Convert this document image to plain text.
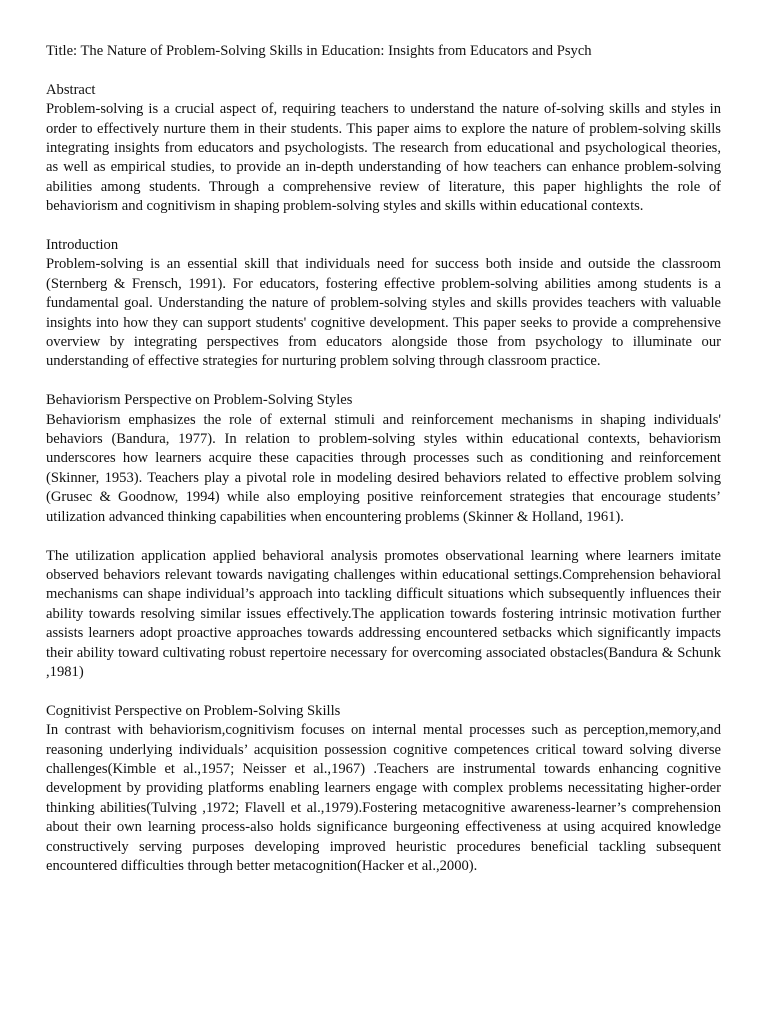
Title: The Nature of Problem-Solving Skills in Education: Insights from Educators and Psych
Abstract

Problem-solving is a crucial aspect of, requiring teachers to understand the nature of-solving skills and styles in order to effectively nurture them in their students. This paper aims to explore the nature of problem-solving skills integrating insights from educators and psychologists. The research from educational and psychological theories, as well as empirical studies, to provide an in-depth understanding of how teachers can enhance problem-solving abilities among students. Through a comprehensive review of literature, this paper highlights the role of behaviorism and cognitivism in shaping problem-solving styles and skills within educational contexts.

Introduction

Problem-solving is an essential skill that individuals need for success both inside and outside the classroom (Sternberg & Frensch, 1991). For educators, fostering effective problem-solving abilities among students is a fundamental goal. Understanding the nature of problem-solving styles and skills provides teachers with valuable insights into how they can support students' cognitive development. This paper seeks to provide a comprehensive overview by integrating perspectives from educators alongside those from psychology to illuminate our understanding of effective strategies for nurturing problem solving through classroom practice.

Behaviorism Perspective on Problem-Solving Styles

Behaviorism emphasizes the role of external stimuli and reinforcement mechanisms in shaping individuals' behaviors (Bandura, 1977). In relation to problem-solving styles within educational contexts, behaviorism underscores how learners acquire these capacities through processes such as conditioning and reinforcement (Skinner, 1953). Teachers play a pivotal role in modeling desired behaviors related to effective problem solving (Grusec & Goodnow, 1994) while also employing positive reinforcement strategies that encourage students’ utilization advanced thinking capabilities when encountering problems (Skinner & Holland, 1961).

The utilization application applied behavioral analysis promotes observational learning where learners imitate observed behaviors relevant towards navigating challenges within educational settings.Comprehension behavioral mechanisms can shape individual’s approach into tackling difficult situations which subsequently influences their ability towards resolving similar issues effectively.The application towards fostering intrinsic motivation further assists learners adopt proactive approaches towards addressing encountered setbacks which significantly impacts their ability toward cultivating robust repertoire necessary for overcoming associated obstacles(Bandura & Schunk ,1981)

Cognitivist Perspective on Problem-Solving Skills

In contrast with behaviorism,cognitivism focuses on internal mental processes such as perception,memory,and reasoning underlying individuals’ acquisition possession cognitive competences critical toward solving diverse challenges(Kimble et al.,1957; Neisser et al.,1967) .Teachers are instrumental towards enhancing cognitive development by providing platforms enabling learners engage with complex problems necessitating higher-order thinking abilities(Tulving ,1972; Flavell et al.,1979).Fostering metacognitive awareness-learner’s comprehension about their own learning process-also holds significance burgeoning effectiveness at using acquired knowledge constructively serving purposes developing improved heuristic procedures beneficial tackling subsequent encountered difficulties through better metacognition(Hacker et al.,2000).
